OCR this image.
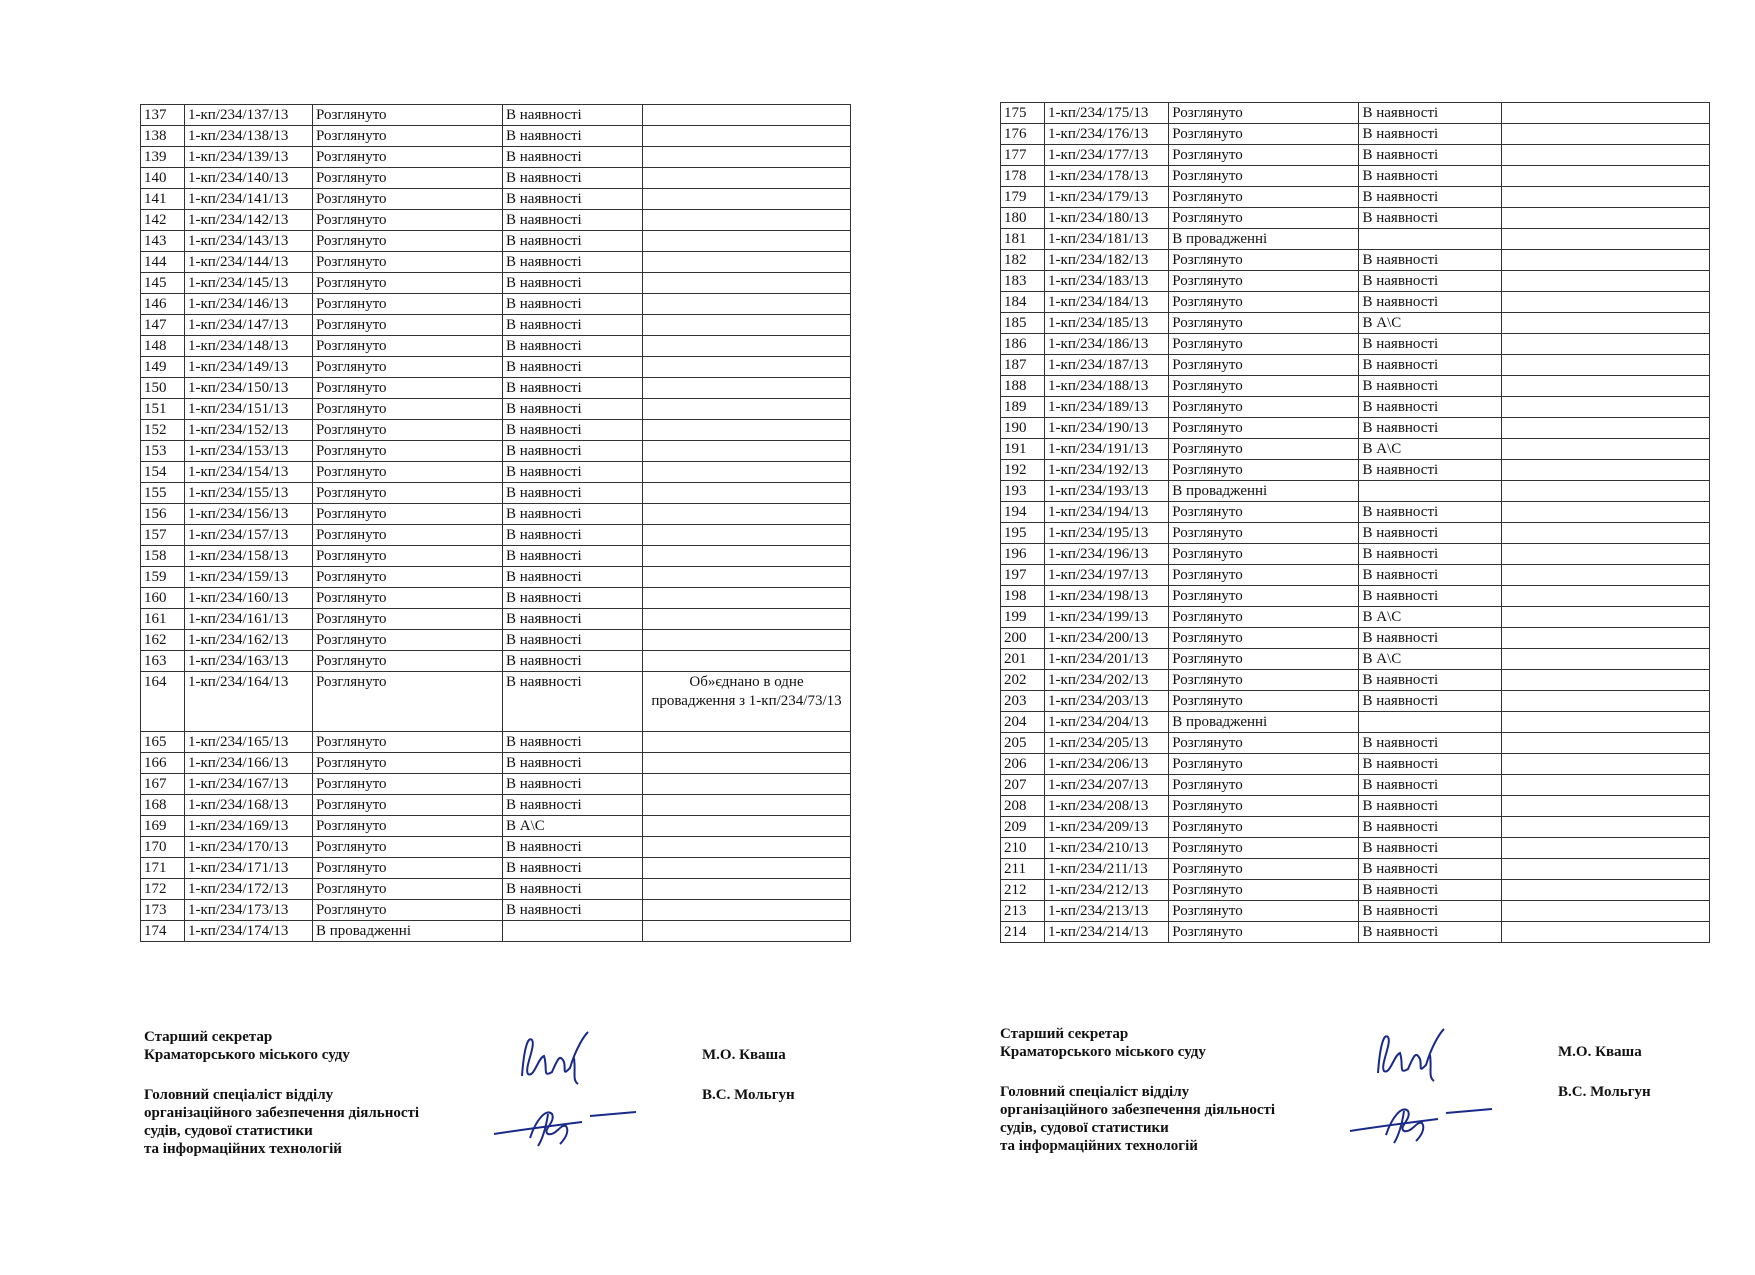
137	1-кп/234/137/13	Розглянуто	В наявності	
138	1-кп/234/138/13	Розглянуто	В наявності	
139	1-кп/234/139/13	Розглянуто	В наявності	
140	1-кп/234/140/13	Розглянуто	В наявності	
141	1-кп/234/141/13	Розглянуто	В наявності	
142	1-кп/234/142/13	Розглянуто	В наявності	
143	1-кп/234/143/13	Розглянуто	В наявності	
144	1-кп/234/144/13	Розглянуто	В наявності	
145	1-кп/234/145/13	Розглянуто	В наявності	
146	1-кп/234/146/13	Розглянуто	В наявності	
147	1-кп/234/147/13	Розглянуто	В наявності	
148	1-кп/234/148/13	Розглянуто	В наявності	
149	1-кп/234/149/13	Розглянуто	В наявності	
150	1-кп/234/150/13	Розглянуто	В наявності	
151	1-кп/234/151/13	Розглянуто	В наявності	
152	1-кп/234/152/13	Розглянуто	В наявності	
153	1-кп/234/153/13	Розглянуто	В наявності	
154	1-кп/234/154/13	Розглянуто	В наявності	
155	1-кп/234/155/13	Розглянуто	В наявності	
156	1-кп/234/156/13	Розглянуто	В наявності	
157	1-кп/234/157/13	Розглянуто	В наявності	
158	1-кп/234/158/13	Розглянуто	В наявності	
159	1-кп/234/159/13	Розглянуто	В наявності	
160	1-кп/234/160/13	Розглянуто	В наявності	
161	1-кп/234/161/13	Розглянуто	В наявності	
162	1-кп/234/162/13	Розглянуто	В наявності	
163	1-кп/234/163/13	Розглянуто	В наявності	
164	1-кп/234/164/13	Розглянуто	В наявності	Об»єднано в одне провадження з 1-кп/234/73/13
165	1-кп/234/165/13	Розглянуто	В наявності	
166	1-кп/234/166/13	Розглянуто	В наявності	
167	1-кп/234/167/13	Розглянуто	В наявності	
168	1-кп/234/168/13	Розглянуто	В наявності	
169	1-кп/234/169/13	Розглянуто	В А\С	
170	1-кп/234/170/13	Розглянуто	В наявності	
171	1-кп/234/171/13	Розглянуто	В наявності	
172	1-кп/234/172/13	Розглянуто	В наявності	
173	1-кп/234/173/13	Розглянуто	В наявності	
174	1-кп/234/174/13	В провадженні		
175	1-кп/234/175/13	Розглянуто	В наявності	
176	1-кп/234/176/13	Розглянуто	В наявності	
177	1-кп/234/177/13	Розглянуто	В наявності	
178	1-кп/234/178/13	Розглянуто	В наявності	
179	1-кп/234/179/13	Розглянуто	В наявності	
180	1-кп/234/180/13	Розглянуто	В наявності	
181	1-кп/234/181/13	В провадженні		
182	1-кп/234/182/13	Розглянуто	В наявності	
183	1-кп/234/183/13	Розглянуто	В наявності	
184	1-кп/234/184/13	Розглянуто	В наявності	
185	1-кп/234/185/13	Розглянуто	В А\С	
186	1-кп/234/186/13	Розглянуто	В наявності	
187	1-кп/234/187/13	Розглянуто	В наявності	
188	1-кп/234/188/13	Розглянуто	В наявності	
189	1-кп/234/189/13	Розглянуто	В наявності	
190	1-кп/234/190/13	Розглянуто	В наявності	
191	1-кп/234/191/13	Розглянуто	В А\С	
192	1-кп/234/192/13	Розглянуто	В наявності	
193	1-кп/234/193/13	В провадженні		
194	1-кп/234/194/13	Розглянуто	В наявності	
195	1-кп/234/195/13	Розглянуто	В наявності	
196	1-кп/234/196/13	Розглянуто	В наявності	
197	1-кп/234/197/13	Розглянуто	В наявності	
198	1-кп/234/198/13	Розглянуто	В наявності	
199	1-кп/234/199/13	Розглянуто	В А\С	
200	1-кп/234/200/13	Розглянуто	В наявності	
201	1-кп/234/201/13	Розглянуто	В А\С	
202	1-кп/234/202/13	Розглянуто	В наявності	
203	1-кп/234/203/13	Розглянуто	В наявності	
204	1-кп/234/204/13	В провадженні		
205	1-кп/234/205/13	Розглянуто	В наявності	
206	1-кп/234/206/13	Розглянуто	В наявності	
207	1-кп/234/207/13	Розглянуто	В наявності	
208	1-кп/234/208/13	Розглянуто	В наявності	
209	1-кп/234/209/13	Розглянуто	В наявності	
210	1-кп/234/210/13	Розглянуто	В наявності	
211	1-кп/234/211/13	Розглянуто	В наявності	
212	1-кп/234/212/13	Розглянуто	В наявності	
213	1-кп/234/213/13	Розглянуто	В наявності	
214	1-кп/234/214/13	Розглянуто	В наявності	
Старший секретар
Краматорського міського суду	М.О. Кваша
Головний спеціаліст відділу
організаційного забезпечення діяльності
судів, судової статистики
та інформаційних технологій
В.С. Мольгун
Старший секретар
Краматорського міського суду	М.О. Кваша
Головний спеціаліст відділу
організаційного забезпечення діяльності
судів, судової статистики
та інформаційних технологій
В.С. Мольгун
